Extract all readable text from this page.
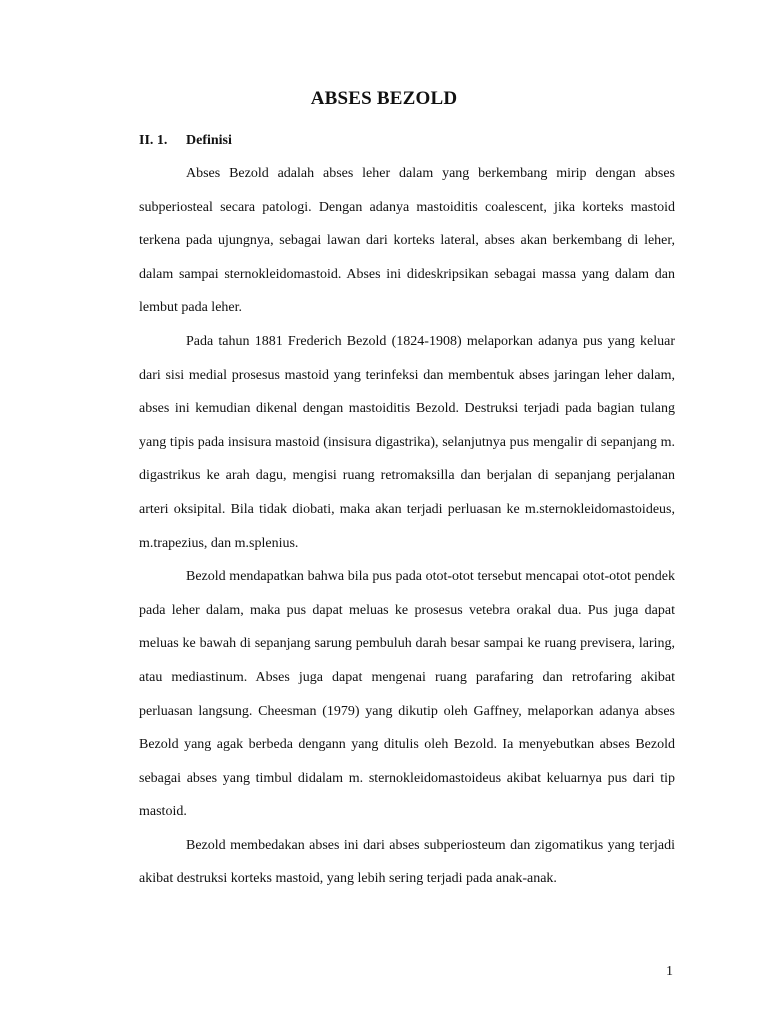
ABSES BEZOLD
II. 1. Definisi

Abses Bezold adalah abses leher dalam yang berkembang mirip dengan abses subperiosteal secara patologi. Dengan adanya mastoiditis coalescent, jika korteks mastoid terkena pada ujungnya, sebagai lawan dari korteks lateral, abses akan berkembang di leher, dalam sampai sternokleidomastoid. Abses ini dideskripsikan sebagai massa yang dalam dan lembut pada leher.

Pada tahun 1881 Frederich Bezold (1824-1908) melaporkan adanya pus yang keluar dari sisi medial prosesus mastoid yang terinfeksi dan membentuk abses jaringan leher dalam, abses ini kemudian dikenal dengan mastoiditis Bezold. Destruksi terjadi pada bagian tulang yang tipis pada insisura mastoid (insisura digastrika), selanjutnya pus mengalir di sepanjang m. digastrikus ke arah dagu, mengisi ruang retromaksilla dan berjalan di sepanjang perjalanan arteri oksipital. Bila tidak diobati, maka akan terjadi perluasan ke m.sternokleidomastoideus, m.trapezius, dan m.splenius.

Bezold mendapatkan bahwa bila pus pada otot-otot tersebut mencapai otot-otot pendek pada leher dalam, maka pus dapat meluas ke prosesus vetebra orakal dua. Pus juga dapat meluas ke bawah di sepanjang sarung pembuluh darah besar sampai ke ruang previsera, laring, atau mediastinum. Abses juga dapat mengenai ruang parafaring dan retrofaring akibat perluasan langsung. Cheesman (1979) yang dikutip oleh Gaffney, melaporkan adanya abses Bezold yang agak berbeda dengann yang ditulis oleh Bezold. Ia menyebutkan abses Bezold sebagai abses yang timbul didalam m. sternokleidomastoideus akibat keluarnya pus dari tip mastoid.

Bezold membedakan abses ini dari abses subperiosteum dan zigomatikus yang terjadi akibat destruksi korteks mastoid, yang lebih sering terjadi pada anak-anak.

1
